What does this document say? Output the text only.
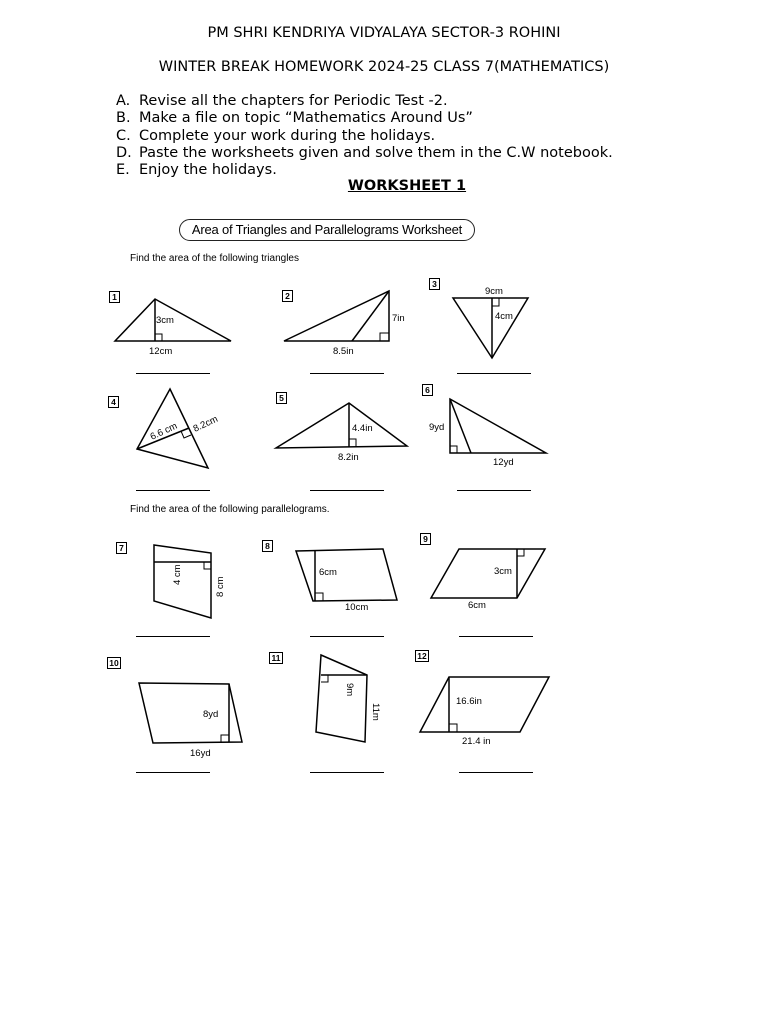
PM SHRI KENDRIYA VIDYALAYA SECTOR-3 ROHINI
WINTER BREAK HOMEWORK 2024-25 CLASS 7(MATHEMATICS)
A. Revise all the chapters for Periodic Test -2.
B. Make a file on topic “Mathematics Around Us”
C. Complete your work during the holidays.
D. Paste the worksheets given and solve them in the C.W notebook.
E. Enjoy the holidays.
WORKSHEET 1
Area of Triangles and Parallelograms Worksheet
Find the area of the following triangles
Find the area of the following parallelograms.
1	2
3
4	5
6
7	8
9
10	11	12
3cm
12cm
7in
8.5in
4cm
9cm
6.6 cm 8.2cm	4.4in
8.2in
9yd
12yd
4 cm
8 cm
6cm
10cm
3cm
6cm
8yd
16yd
9m
11m
16.6in
21.4 in
